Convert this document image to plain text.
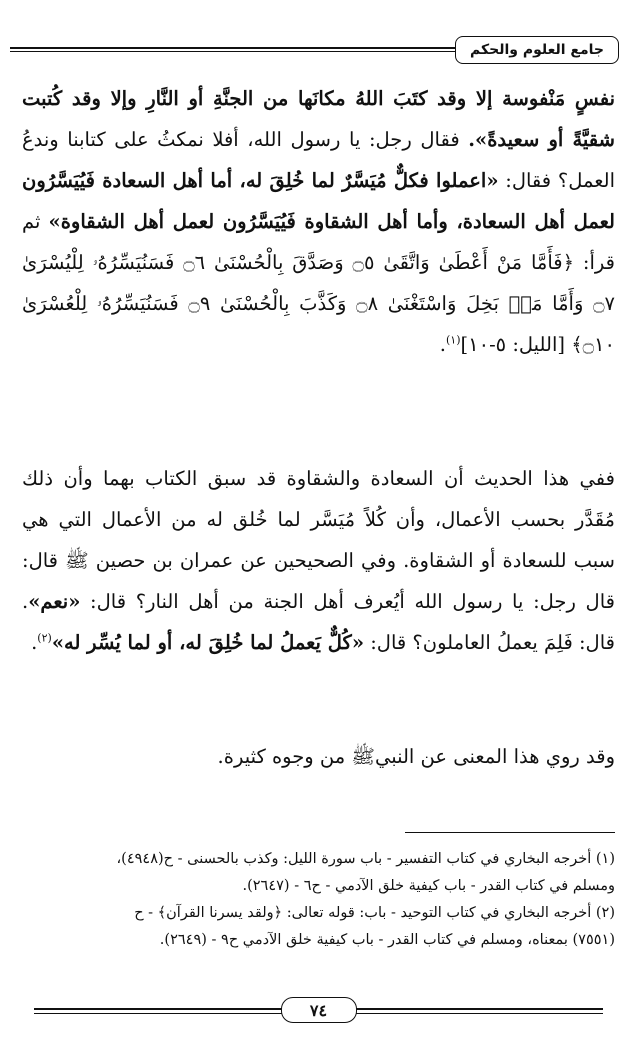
جامع العلوم والحكم

نفسٍ مَنْفوسة إلا وقد كتَبَ اللهُ مكانَها من الجنَّةِ أو النَّارِ وإلا وقد كُتبت شقيَّةً أو سعيدةً». فقال رجل: يا رسول الله، أفلا نمكثُ على كتابنا وندعُ العمل؟ فقال: «اعملوا فكلٌّ مُيَسَّرٌ لما خُلِقَ له، أما أهل السعادة فَيُيَسَّرُون لعمل أهل السعادة، وأما أهل الشقاوة فَيُيَسَّرُون لعمل أهل الشقاوة» ثم قرأ: ﴿فَأَمَّا مَنْ أَعْطَىٰ وَاتَّقَىٰ ۝٥ وَصَدَّقَ بِالْحُسْنَىٰ ۝٦ فَسَنُيَسِّرُهُۥ لِلْيُسْرَىٰ ۝٧ وَأَمَّا مَنۢ بَخِلَ وَاسْتَغْنَىٰ ۝٨ وَكَذَّبَ بِالْحُسْنَىٰ ۝٩ فَسَنُيَسِّرُهُۥ لِلْعُسْرَىٰ ۝١٠﴾ [الليل: ٥-١٠]$^{(١)}$.

ففي هذا الحديث أن السعادة والشقاوة قد سبق الكتاب بهما وأن ذلك مُقَدَّر بحسب الأعمال، وأن كُلاً مُيَسَّر لما خُلق له من الأعمال التي هي سبب للسعادة أو الشقاوة. وفي الصحيحين عن عمران بن حصين ﷺ قال: قال رجل: يا رسول الله أيُعرف أهل الجنة من أهل النار؟ قال: «نعم». قال: فَلِمَ يعملُ العاملون؟ قال: «كُلٌّ يَعملُ لما خُلِقَ له، أو لما يُسِّر له»$^{(٢)}$.

وقد روي هذا المعنى عن النبيﷺ من وجوه كثيرة.

(١) أخرجه البخاري في كتاب التفسير - باب سورة الليل: وكذب بالحسنى - ح(٤٩٤٨)،

ومسلم في كتاب القدر - باب كيفية خلق الآدمي - ح٦ - (٢٦٤٧).

(٢) أخرجه البخاري في كتاب التوحيد - باب: قوله تعالى: ﴿ولقد يسرنا القرآن﴾ - ح

(٧٥٥١) بمعناه، ومسلم في كتاب القدر - باب كيفية خلق الآدمي ح٩ - (٢٦٤٩).

٧٤
